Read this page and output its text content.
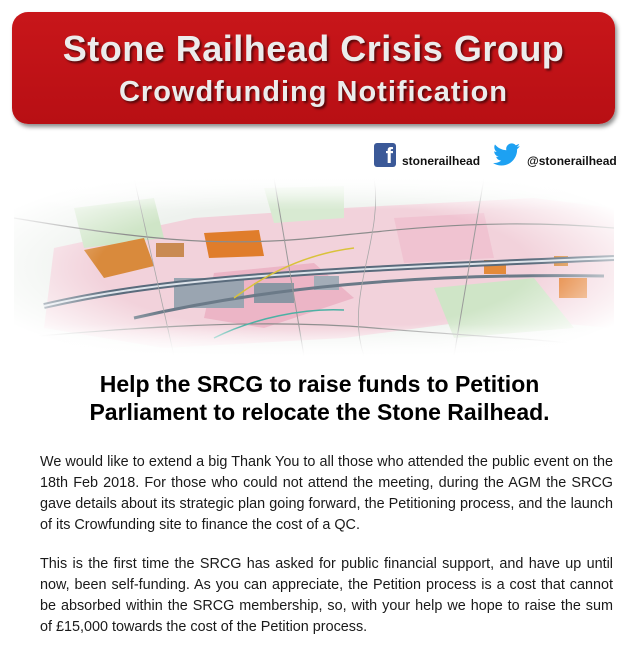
Stone Railhead Crisis Group
Crowdfunding Notification
f stonerailhead	@stonerailhead
Help the SRCG to raise funds to Petition
Parliament to relocate the Stone Railhead.

We would like to extend a big Thank You to all those who attended the public event on the 18th Feb 2018. For those who could not attend the meeting, during the AGM the SRCG gave details about its strategic plan going forward, the Petitioning process, and the launch of its Crowfunding site to finance the cost of a QC.

This is the first time the SRCG has asked for public financial support, and have up until now, been self-funding. As you can appreciate, the Petition process is a cost that cannot be absorbed within the SRCG membership, so, with your help we hope to raise the sum of £15,000 towards the cost of the Petition process.
